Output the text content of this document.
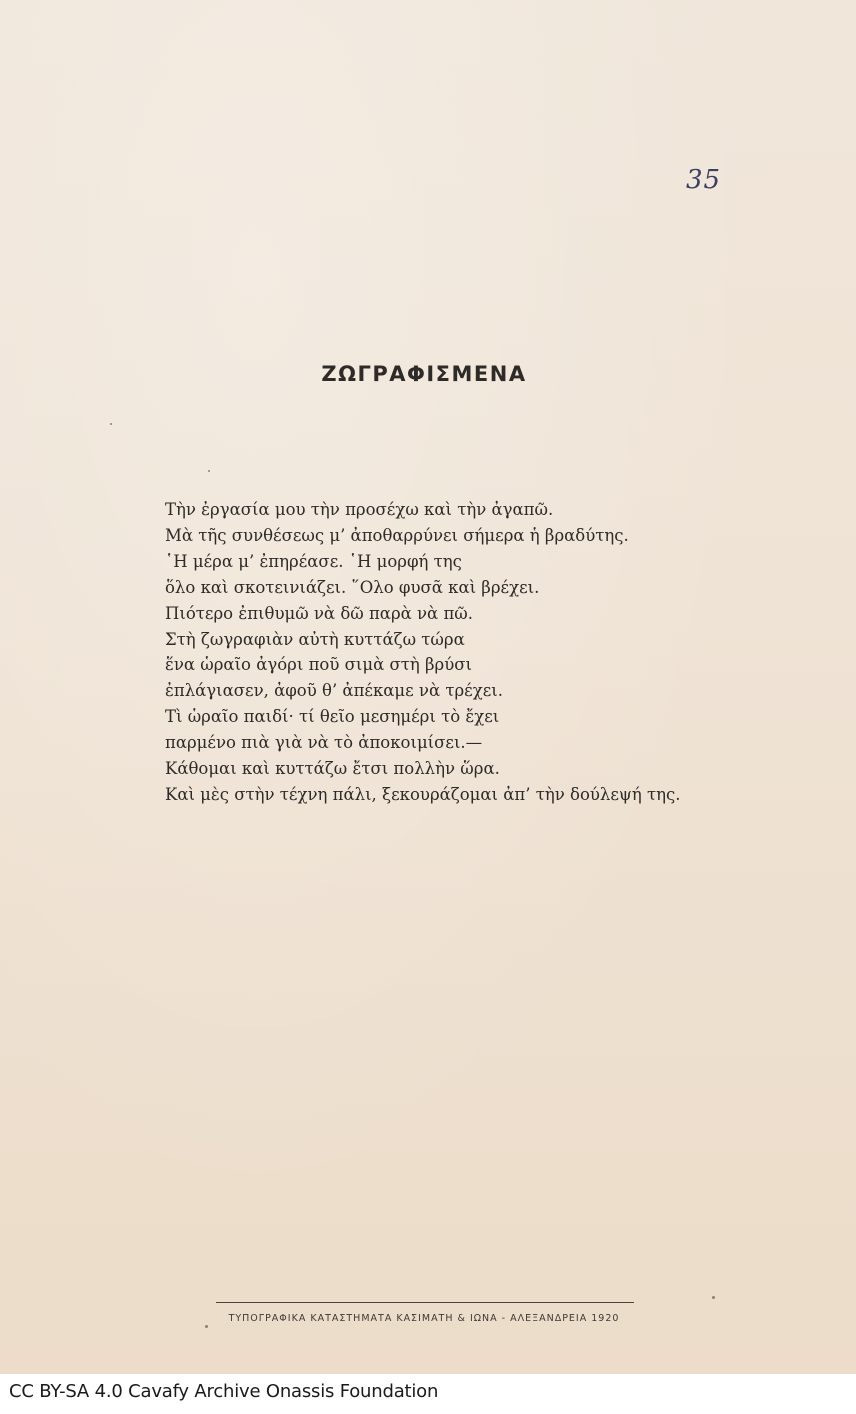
35
ΖΩΓΡΑΦΙΣΜΕΝΑ
Τὴν ἐργασία μου τὴν προσέχω καὶ τὴν ἀγαπῶ.
Μὰ τῆς συνθέσεως μ’ ἀποθαρρύνει σήμερα ἡ βραδύτης.
῾Η μέρα μ’ ἐπηρέασε. ῾Η μορφή της
ὅλο καὶ σκοτεινιάζει. ῞Ολο φυσᾶ καὶ βρέχει.
Πιότερο ἐπιθυμῶ νὰ δῶ παρὰ νὰ πῶ.
Στὴ ζωγραφιὰν αὐτὴ κυττάζω τώρα
ἕνα ὡραῖο ἀγόρι ποῦ σιμὰ στὴ βρύσι
ἐπλάγιασεν, ἀφοῦ θ’ ἀπέκαμε νὰ τρέχει.
Τὶ ὡραῖο παιδί· τί θεῖο μεσημέρι τὸ ἔχει
παρμένο πιὰ γιὰ νὰ τὸ ἀποκοιμίσει.—
Κάθομαι καὶ κυττάζω ἔτσι πολλὴν ὥρα.
Καὶ μὲς στὴν τέχνη πάλι, ξεκουράζομαι ἀπ’ τὴν δούλεψή της.
ΤΥΠΟΓΡΑΦΙΚΑ ΚΑΤΑΣΤΗΜΑΤΑ ΚΑΣΙΜΑΤΗ & ΙΩΝΑ - ΑΛΕΞΑΝΔΡΕΙΑ 1920
CC BY-SA 4.0 Cavafy Archive Onassis Foundation
